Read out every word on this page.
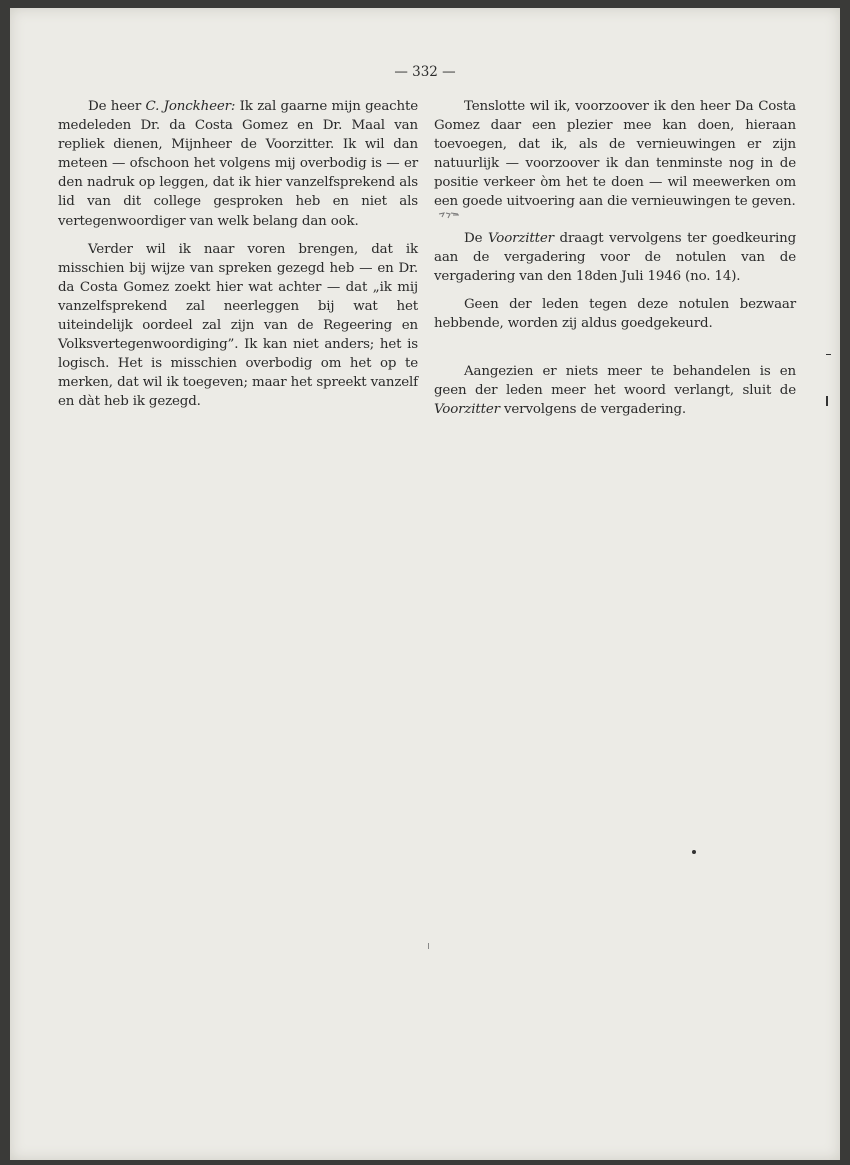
— 332 —

De heer C. Jonckheer: Ik zal gaarne mijn geachte medeleden Dr. da Costa Gomez en Dr. Maal van repliek dienen, Mijnheer de Voorzitter. Ik wil dan meteen — ofschoon het volgens mij overbodig is — er den nadruk op leggen, dat ik hier vanzelfsprekend als lid van dit college gesproken heb en niet als vertegenwoordiger van welk belang dan ook.

Verder wil ik naar voren brengen, dat ik misschien bij wijze van spreken gezegd heb — en Dr. da Costa Gomez zoekt hier wat achter — dat „ik mij vanzelfsprekend zal neerleggen bij wat het uiteindelijk oordeel zal zijn van de Regeering en Volksvertegenwoordiging”. Ik kan niet anders; het is logisch. Het is misschien overbodig om het op te merken, dat wil ik toegeven; maar het spreekt vanzelf en dàt heb ik gezegd.

Tenslotte wil ik, voorzoover ik den heer Da Costa Gomez daar een plezier mee kan doen, hieraan toevoegen, dat ik, als de vernieuwingen er zijn natuurlijk — voorzoover ik dan tenminste nog in de positie verkeer òm het te doen — wil meewerken om een goede uitvoering aan die vernieuwingen te geven.

De Voorzitter draagt vervolgens ter goedkeuring aan de vergadering voor de notulen van de vergadering van den 18den Juli 1946 (no. 14).

Geen der leden tegen deze notulen bezwaar hebbende, worden zij aldus goedgekeurd.

Aangezien er niets meer te behandelen is en geen der leden meer het woord verlangt, sluit de Voorzitter vervolgens de vergadering.
